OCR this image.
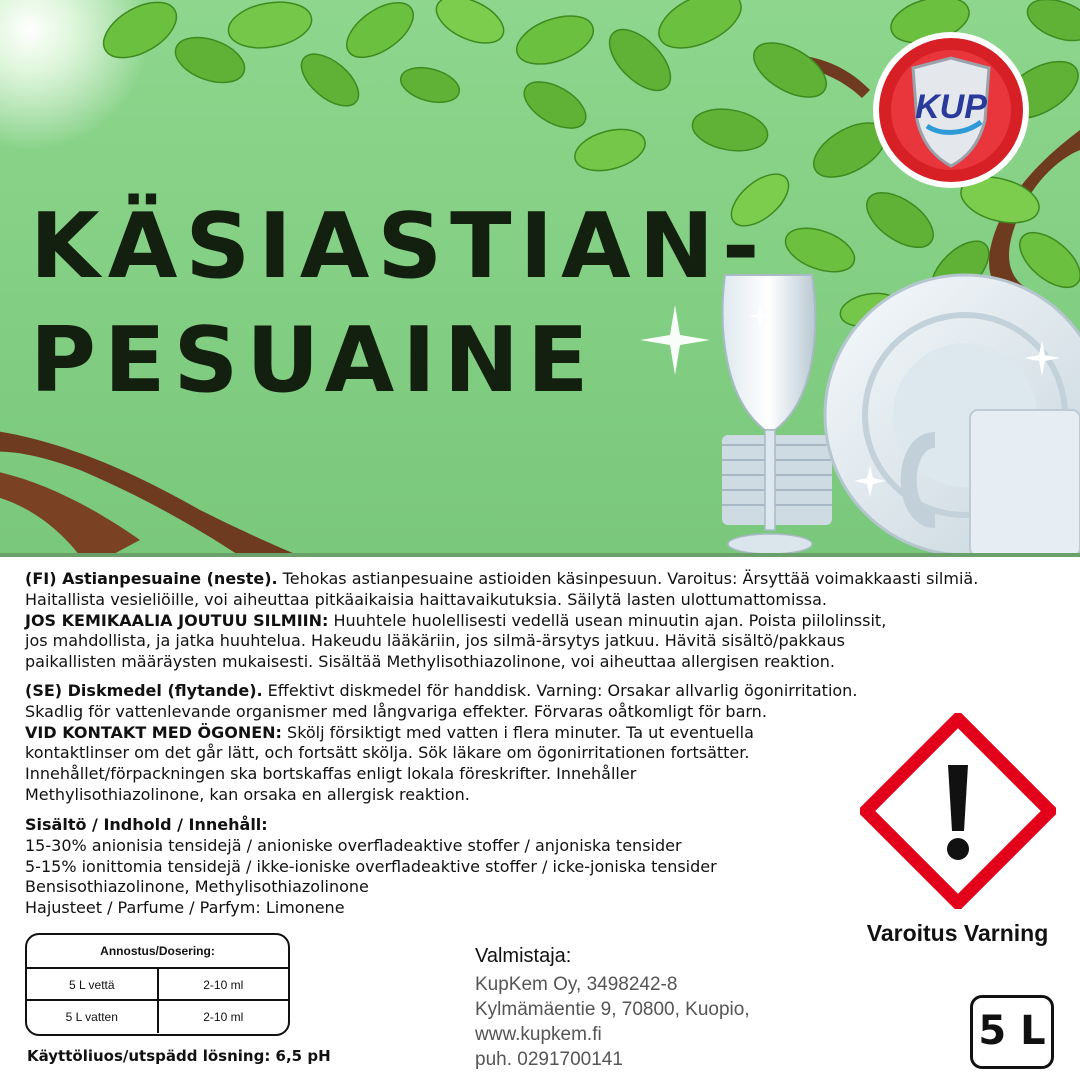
KÄSIASTIAN-
PESUAINE
KUP
(FI) Astianpesuaine (neste). Tehokas astianpesuaine astioiden käsinpesuun. Varoitus: Ärsyttää voimakkaasti silmiä.
Haitallista vesieliöille, voi aiheuttaa pitkäaikaisia haittavaikutuksia. Säilytä lasten ulottumattomissa.
JOS KEMIKAALIA JOUTUU SILMIIN: Huuhtele huolellisesti vedellä usean minuutin ajan. Poista piilolinssit,
jos mahdollista, ja jatka huuhtelua. Hakeudu lääkäriin, jos silmä-ärsytys jatkuu. Hävitä sisältö/pakkaus
paikallisten määräysten mukaisesti. Sisältää Methylisothiazolinone, voi aiheuttaa allergisen reaktion.
(SE) Diskmedel (flytande). Effektivt diskmedel för handdisk. Varning: Orsakar allvarlig ögonirritation.
Skadlig för vattenlevande organismer med långvariga effekter. Förvaras oåtkomligt för barn.
VID KONTAKT MED ÖGONEN: Skölj försiktigt med vatten i flera minuter. Ta ut eventuella
kontaktlinser om det går lätt, och fortsätt skölja. Sök läkare om ögonirritationen fortsätter.
Innehållet/förpackningen ska bortskaffas enligt lokala föreskrifter. Innehåller
Methylisothiazolinone, kan orsaka en allergisk reaktion.
Sisältö / Indhold / Innehåll:
15-30% anionisia tensidejä / anioniske overfladeaktive stoffer / anjoniska tensider
5-15% ionittomia tensidejä / ikke-ioniske overfladeaktive stoffer / icke-joniska tensider
Bensisothiazolinone, Methylisothiazolinone
Hajusteet / Parfume / Parfym: Limonene
Varoitus Varning
Annostus/Dosering:
5 L vettä	2-10 ml
5 L vatten	2-10 ml
Käyttöliuos/utspädd lösning: 6,5 pH
Valmistaja:
KupKem Oy, 3498242-8
Kylmämäentie 9, 70800, Kuopio,
www.kupkem.fi
puh. 0291700141
5 L
